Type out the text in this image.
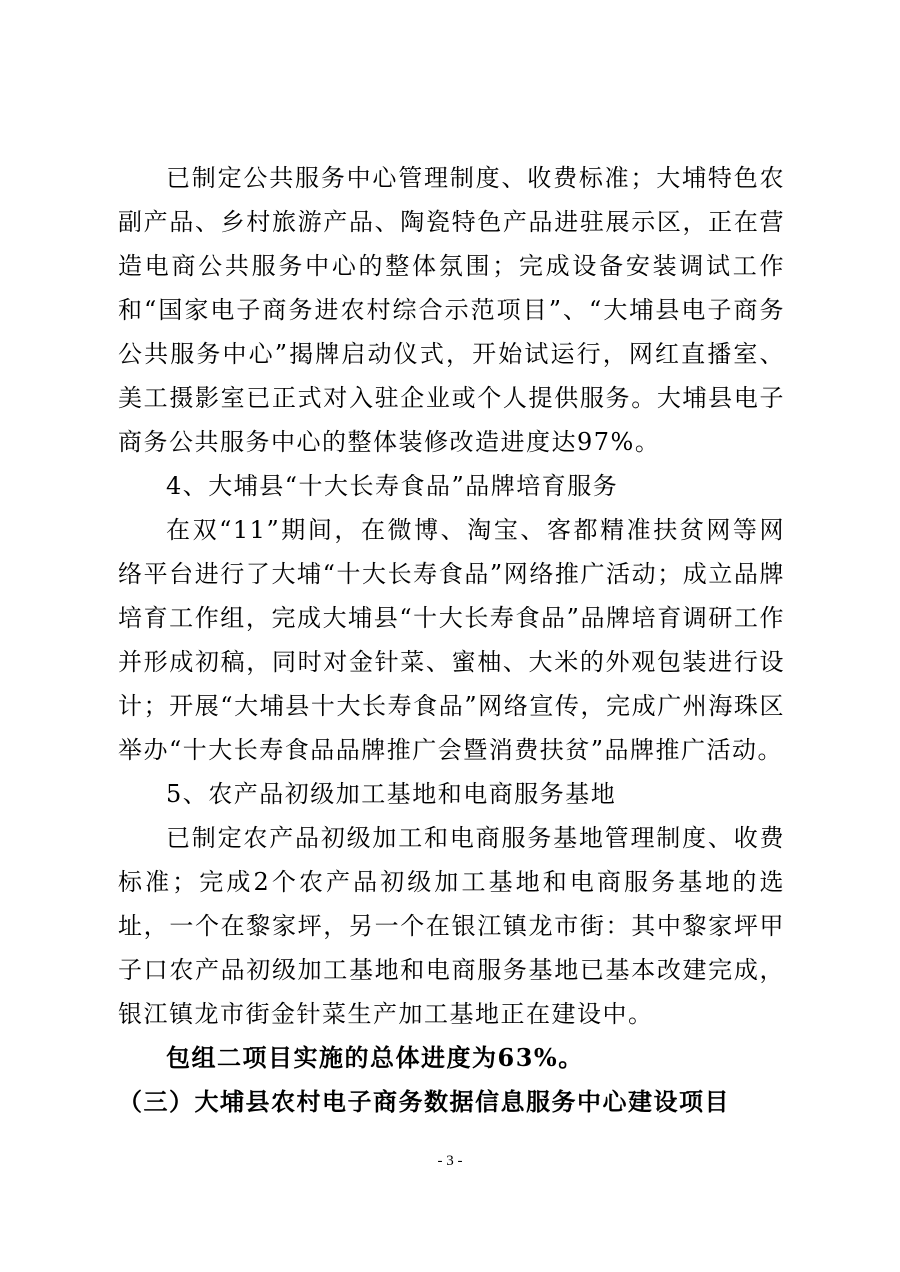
已制定公共服务中心管理制度、收费标准；大埔特色农副产品、乡村旅游产品、陶瓷特色产品进驻展示区，正在营造电商公共服务中心的整体氛围；完成设备安装调试工作和“国家电子商务进农村综合示范项目”、“大埔县电子商务公共服务中心”揭牌启动仪式，开始试运行，网红直播室、美工摄影室已正式对入驻企业或个人提供服务。大埔县电子商务公共服务中心的整体装修改造进度达97%。

4、大埔县“十大长寿食品”品牌培育服务

在双“11”期间，在微博、淘宝、客都精准扶贫网等网络平台进行了大埔“十大长寿食品”网络推广活动；成立品牌培育工作组，完成大埔县“十大长寿食品”品牌培育调研工作并形成初稿，同时对金针菜、蜜柚、大米的外观包装进行设计；开展“大埔县十大长寿食品”网络宣传，完成广州海珠区举办“十大长寿食品品牌推广会暨消费扶贫”品牌推广活动。

5、农产品初级加工基地和电商服务基地

已制定农产品初级加工和电商服务基地管理制度、收费标准；完成2个农产品初级加工基地和电商服务基地的选址，一个在黎家坪，另一个在银江镇龙市街：其中黎家坪甲子口农产品初级加工基地和电商服务基地已基本改建完成，银江镇龙市街金针菜生产加工基地正在建设中。

包组二项目实施的总体进度为63%。

（三）大埔县农村电子商务数据信息服务中心建设项目

- 3 -
